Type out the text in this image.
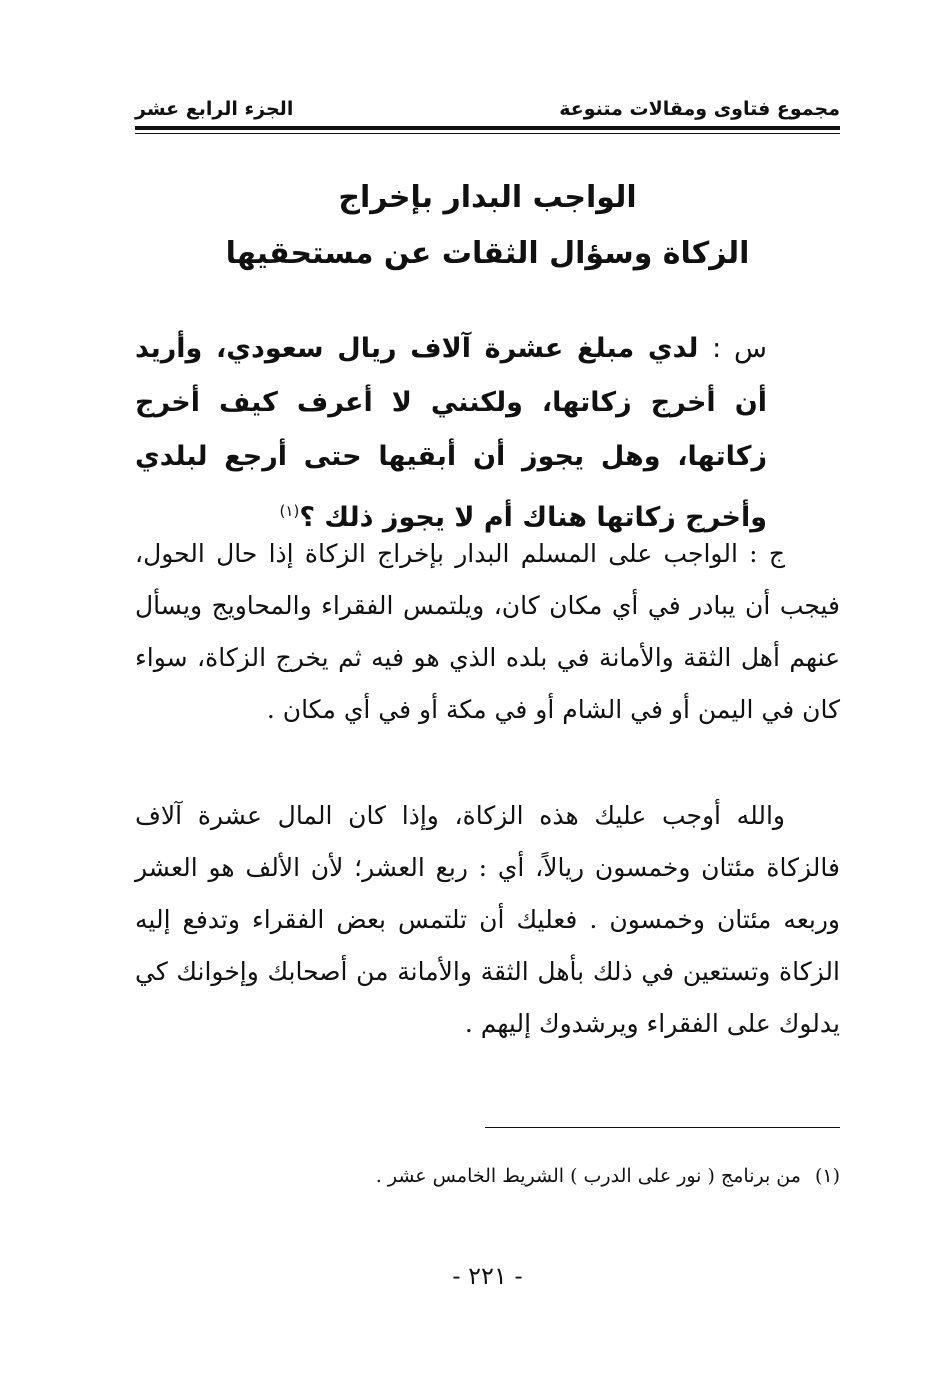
مجموع فتاوى ومقالات متنوعة
الجزء الرابع عشر
الواجب البدار بإخراج
الزكاة وسؤال الثقات عن مستحقيها
س : لدي مبلغ عشرة آلاف ريال سعودي، وأريد أن أخرج زكاتها، ولكنني لا أعرف كيف أخرج زكاتها، وهل يجوز أن أبقيها حتى أرجع لبلدي وأخرج زكاتها هناك أم لا يجوز ذلك ؟$^{(١)}$
ج : الواجب على المسلم البدار بإخراج الزكاة إذا حال الحول، فيجب أن يبادر في أي مكان كان، ويلتمس الفقراء والمحاويج ويسأل عنهم أهل الثقة والأمانة في بلده الذي هو فيه ثم يخرج الزكاة، سواء كان في اليمن أو في الشام أو في مكة أو في أي مكان .
والله أوجب عليك هذه الزكاة، وإذا كان المال عشرة آلاف فالزكاة مئتان وخمسون ريالاً، أي : ربع العشر؛ لأن الألف هو العشر وربعه مئتان وخمسون . فعليك أن تلتمس بعض الفقراء وتدفع إليه الزكاة وتستعين في ذلك بأهل الثقة والأمانة من أصحابك وإخوانك كي يدلوك على الفقراء ويرشدوك إليهم .
(١)من برنامج ( نور على الدرب ) الشريط الخامس عشر .
- ٢٢١ -
